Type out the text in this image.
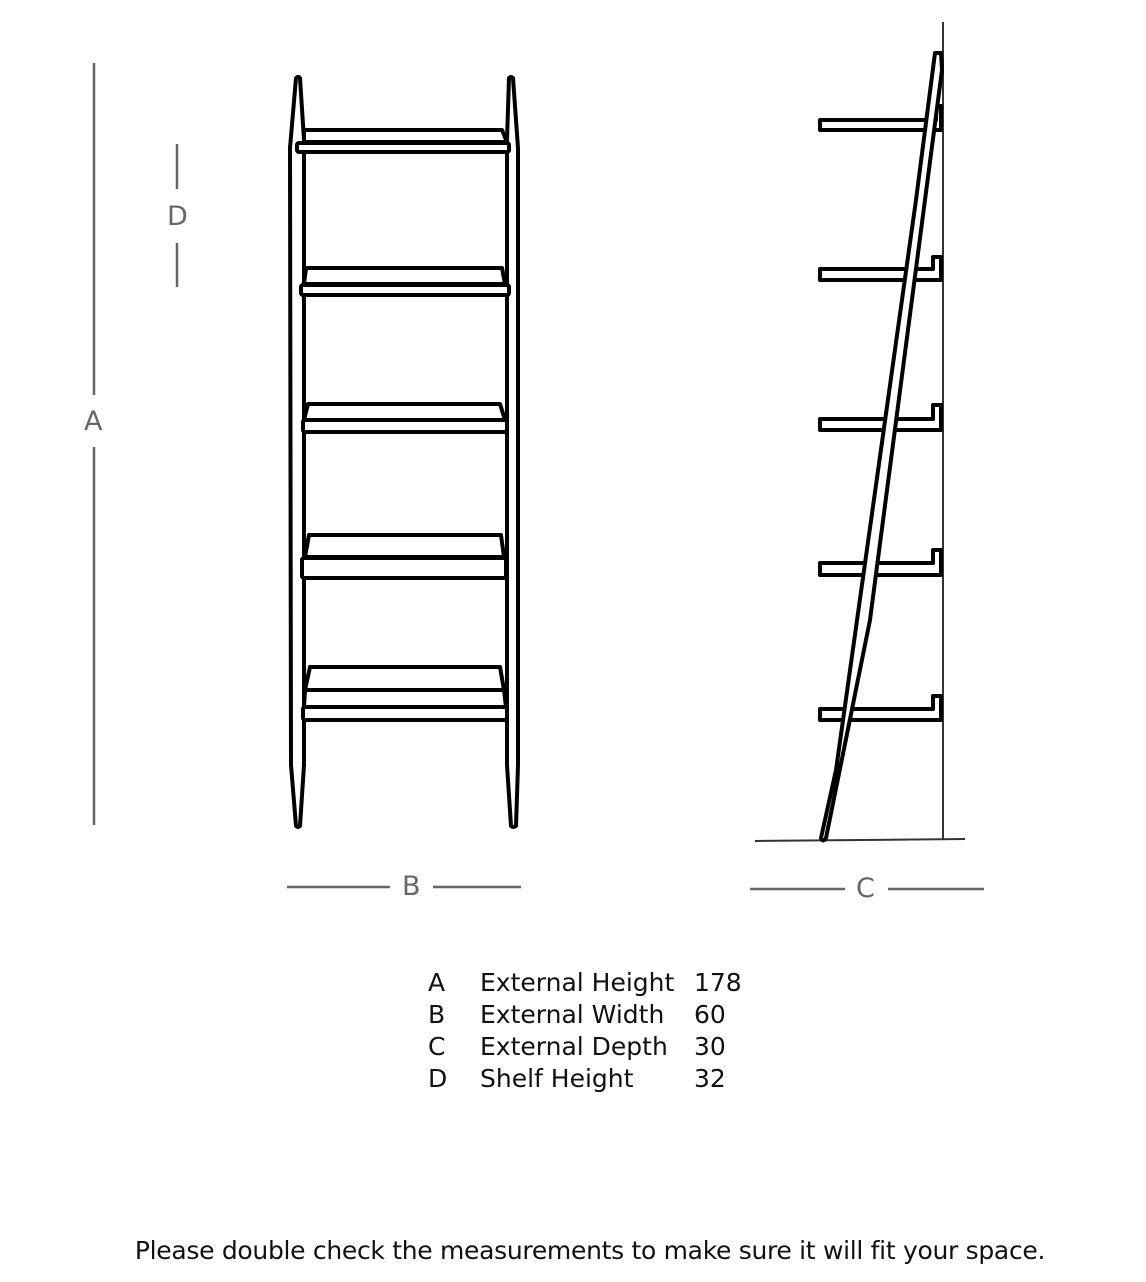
A
D
B	C
A	External Height 178
B	External Width	60
C	External Depth	30
D	Shelf Height	32
Please double check the measurements to make sure it will fit your space.
